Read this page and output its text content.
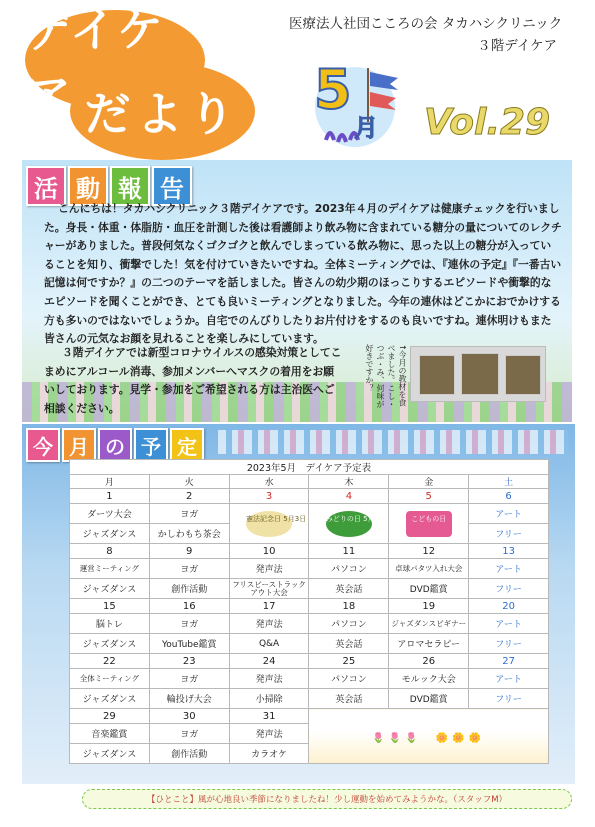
デイケア だより
医療法人社団こころの会 タカハシクリニック
３階デイケア
5
月 Vol.29
活 動 報 告

こんにちは！タカハシクリニック３階デイケアです。2023年４月のデイケアは健康チェックを行いました。身長・体重・体脂肪・血圧を計測した後は看護師より飲み物に含まれている糖分の量についてのレクチャーがありました。普段何気なくゴクゴクと飲んでしまっている飲み物に、思った以上の糖分が入っていることを知り、衝撃でした！気を付けていきたいですね。全体ミーティングでは、『連休の予定』『一番古い記憶は何ですか？』の二つのテーマを話しました。皆さんの幼少期のほっこりするエピソードや衝撃的なエピソードを聞くことができ、とても良いミーティングとなりました。今年の連休はどこかにおでかけする方も多いのではないでしょうか。自宅でのんびりしたりお片付けをするのも良いですね。連休明けもまた皆さんの元気なお顔を見れることを楽しみにしています。

３階デイケアでは新型コロナウイルスの感染対策としてこまめにアルコール消毒、参加メンバーへマスクの着用をお願いしております。見学・参加をご希望される方は主治医へご相談ください。

↑今月の教材を食べました。こし・つぶ・み、何味が好きですか？
今 月 の 予 定
2023年5月　デイケア予定表					
月	火	水	木	金	土
1	2	3	4	5	6
ダーツ大会	ヨガ	憲法記念日 5月3日	みどりの日 5月4日	こどもの日	アート
ジャズダンス	かしわもち茶会				フリー
8	9	10	11	12	13
運営ミーティング	ヨガ	発声法	パソコン	卓球パタツ入れ大会	アート
ジャズダンス	創作活動	フリスビーストラックアウト大会	英会話	DVD鑑賞	フリー
15	16	17	18	19	20
脳トレ	ヨガ	発声法	パソコン	ジャズダンスビギナー	アート
ジャズダンス	YouTube鑑賞	Q&A	英会話	アロマセラピー	フリー
22	23	24	25	26	27
全体ミーティング	ヨガ	発声法	パソコン	モルック大会	アート
ジャズダンス	輪投げ大会	小掃除	英会話	DVD鑑賞	フリー
29	30	31	🌷🌷🌷　🌼🌼🌼		
音楽鑑賞	ヨガ	発声法			
ジャズダンス	創作活動	カラオケ			
【ひとこと】風が心地良い季節になりましたね！少し運動を始めてみようかな。（スタッフM）
